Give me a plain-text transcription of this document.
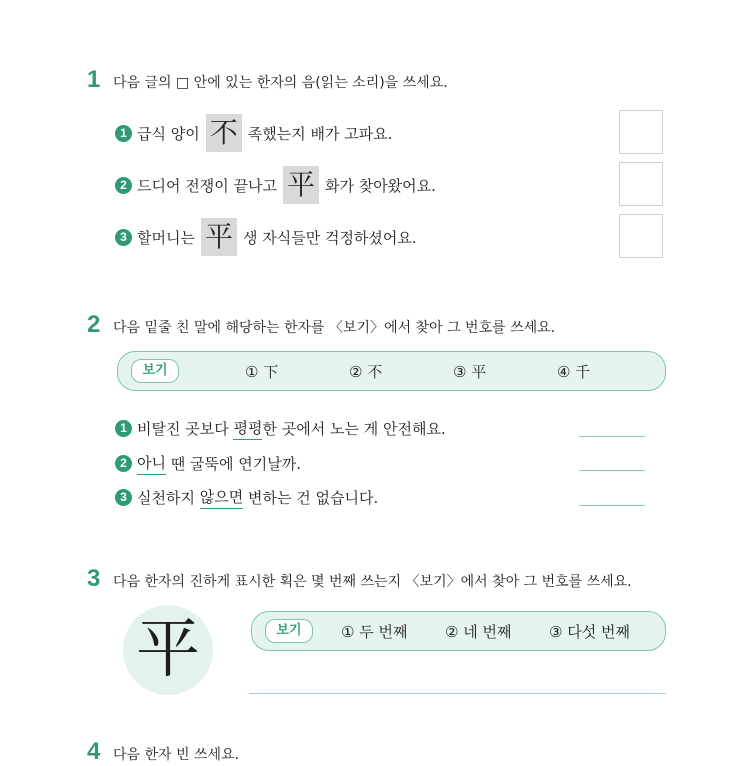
1 다음 글의 □ 안에 있는 한자의 음(읽는 소리)을 쓰세요.
1 급식 양이 不 족했는지 배가 고파요.
2 드디어 전쟁이 끝나고 平 화가 찾아왔어요.
3 할머니는 平 생 자식들만 걱정하셨어요.
2 다음 밑줄 친 말에 해당하는 한자를 〈보기〉에서 찾아 그 번호를 쓰세요.
보기	① 下	② 不	③ 平	④ 千
1 비탈진 곳보다 평평 한 곳에서 노는 게 안전해요.
2 아니 땐 굴뚝에 연기날까.
3 실천하지 않으면 변하는 건 없습니다.
3 다음 한자의 진하게 표시한 획은 몇 번째 쓰는지 〈보기〉에서 찾아 그 번호를 쓰세요.
平	보기	① 두 번째	② 네 번째	③ 다섯 번째
4 다음 한자 빈 쓰세요.
